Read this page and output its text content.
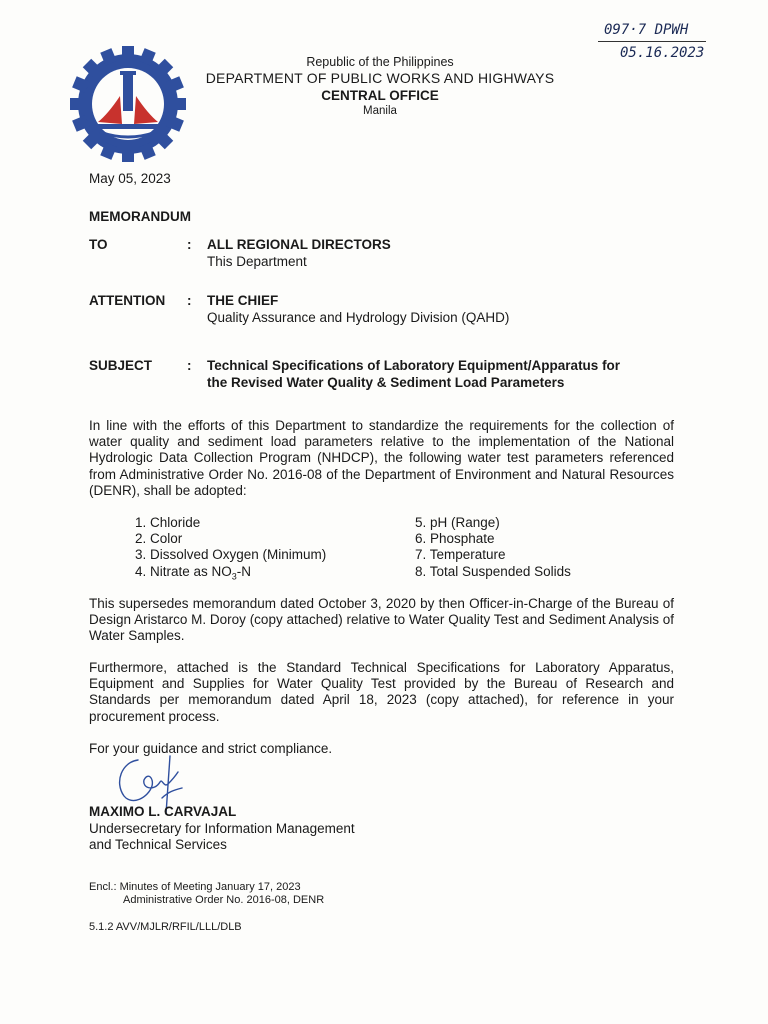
Republic of the Philippines
DEPARTMENT OF PUBLIC WORKS AND HIGHWAYS
CENTRAL OFFICE
Manila
097·7 DPWH
05.16.2023
May 05, 2023
MEMORANDUM
TO	: ALL REGIONAL DIRECTORS
This Department
ATTENTION : THE CHIEF
Quality Assurance and Hydrology Division (QAHD)
SUBJECT	: Technical Specifications of Laboratory Equipment/Apparatus for
the Revised Water Quality & Sediment Load Parameters
In line with the efforts of this Department to standardize the requirements for the collection of water quality and sediment load parameters relative to the implementation of the National Hydrologic Data Collection Program (NHDCP), the following water test parameters referenced from Administrative Order No. 2016-08 of the Department of Environment and Natural Resources (DENR), shall be adopted:
1. Chloride
2. Color
3. Dissolved Oxygen (Minimum)
4. Nitrate as $NO_3-N$
5. pH (Range)
6. Phosphate
7. Temperature
8. Total Suspended Solids
This supersedes memorandum dated October 3, 2020 by then Officer-in-Charge of the Bureau of Design Aristarco M. Doroy (copy attached) relative to Water Quality Test and Sediment Analysis of Water Samples.
Furthermore, attached is the Standard Technical Specifications for Laboratory Apparatus, Equipment and Supplies for Water Quality Test provided by the Bureau of Research and Standards per memorandum dated April 18, 2023 (copy attached), for reference in your procurement process.
For your guidance and strict compliance.
MAXIMO L. CARVAJAL
Undersecretary for Information Management
and Technical Services
Encl.: Minutes of Meeting January 17, 2023
Administrative Order No. 2016-08, DENR
5.1.2 AVV/MJLR/RFIL/LLL/DLB
